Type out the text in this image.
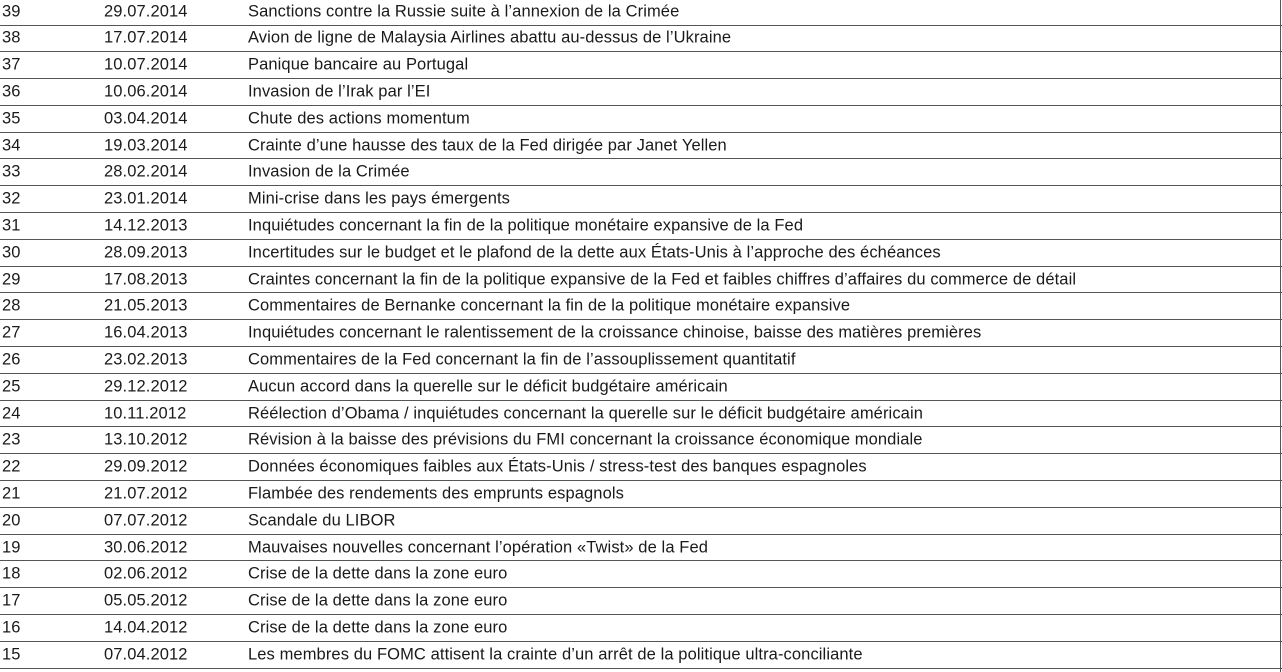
39	29.07.2014	Sanctions contre la Russie suite à l’annexion de la Crimée
38	17.07.2014	Avion de ligne de Malaysia Airlines abattu au-dessus de l’Ukraine
37	10.07.2014	Panique bancaire au Portugal
36	10.06.2014	Invasion de l’Irak par l’EI
35	03.04.2014	Chute des actions momentum
34	19.03.2014	Crainte d’une hausse des taux de la Fed dirigée par Janet Yellen
33	28.02.2014	Invasion de la Crimée
32	23.01.2014	Mini-crise dans les pays émergents
31	14.12.2013	Inquiétudes concernant la fin de la politique monétaire expansive de la Fed
30	28.09.2013	Incertitudes sur le budget et le plafond de la dette aux États-Unis à l’approche des échéances
29	17.08.2013	Craintes concernant la fin de la politique expansive de la Fed et faibles chiffres d’affaires du commerce de détail
28	21.05.2013	Commentaires de Bernanke concernant la fin de la politique monétaire expansive
27	16.04.2013	Inquiétudes concernant le ralentissement de la croissance chinoise, baisse des matières premières
26	23.02.2013	Commentaires de la Fed concernant la fin de l’assouplissement quantitatif
25	29.12.2012	Aucun accord dans la querelle sur le déficit budgétaire américain
24	10.11.2012	Réélection d’Obama / inquiétudes concernant la querelle sur le déficit budgétaire américain
23	13.10.2012	Révision à la baisse des prévisions du FMI concernant la croissance économique mondiale
22	29.09.2012	Données économiques faibles aux États-Unis / stress-test des banques espagnoles
21	21.07.2012	Flambée des rendements des emprunts espagnols
20	07.07.2012	Scandale du LIBOR
19	30.06.2012	Mauvaises nouvelles concernant l’opération «Twist» de la Fed
18	02.06.2012	Crise de la dette dans la zone euro
17	05.05.2012	Crise de la dette dans la zone euro
16	14.04.2012	Crise de la dette dans la zone euro
15	07.04.2012	Les membres du FOMC attisent la crainte d’un arrêt de la politique ultra-conciliante
